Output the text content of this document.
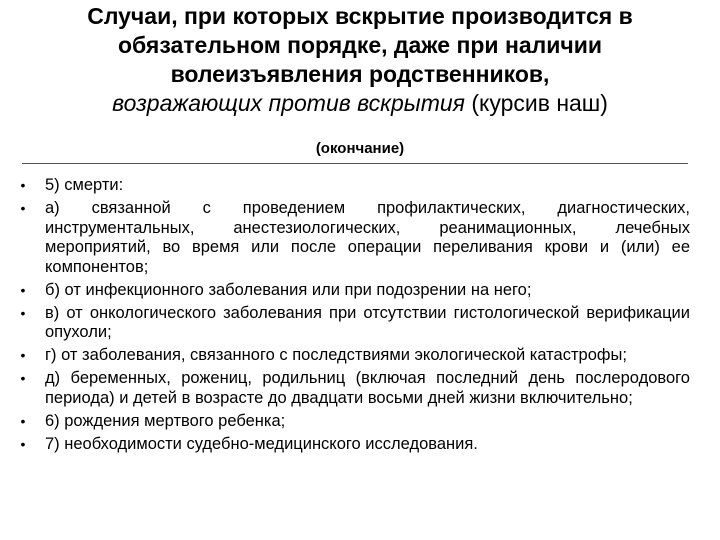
Случаи, при которых вскрытие производится в
обязательном порядке, даже при наличии
волеизъявления родственников,
возражающих против вскрытия (курсив наш)
(окончание)
• 5) смерти:
• а) связанной с проведением профилактических, диагностических, инструментальных, анестезиологических, реанимационных, лечебных мероприятий, во время или после операции переливания крови и (или) ее компонентов;
• б) от инфекционного заболевания или при подозрении на него;
• в) от онкологического заболевания при отсутствии гистологической верификации опухоли;
• г) от заболевания, связанного с последствиями экологической катастрофы;
• д) беременных, рожениц, родильниц (включая последний день послеродового периода) и детей в возрасте до двадцати восьми дней жизни включительно;
• 6) рождения мертвого ребенка;
• 7) необходимости судебно-медицинского исследования.
